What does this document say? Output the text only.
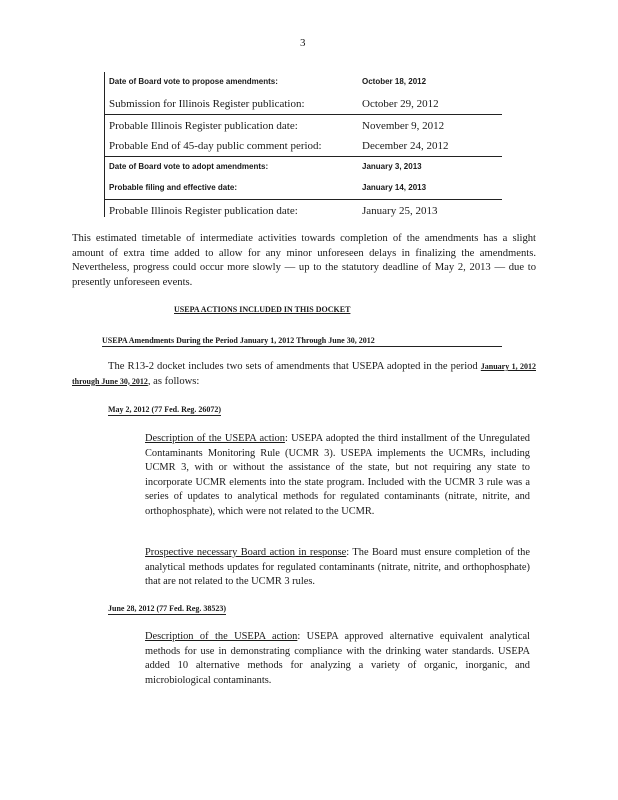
3
Date of Board vote to propose amendments:	October 18, 2012
Submission for Illinois Register publication:	October 29, 2012
Probable Illinois Register publication date:	November 9, 2012
Probable End of 45-day public comment period:	December 24, 2012
Date of Board vote to adopt amendments:	January 3, 2013
Probable filing and effective date:	January 14, 2013
Probable Illinois Register publication date:	January 25, 2013

This estimated timetable of intermediate activities towards completion of the amendments has a slight amount of extra time added to allow for any minor unforeseen delays in finalizing the amendments. Nevertheless, progress could occur more slowly — up to the statutory deadline of May 2, 2013 — due to presently unforeseen events.

USEPA ACTIONS INCLUDED IN THIS DOCKET
USEPA Amendments During the Period January 1, 2012 Through June 30, 2012

The R13-2 docket includes two sets of amendments that USEPA adopted in the period January 1, 2012 through June 30, 2012, as follows:

May 2, 2012 (77 Fed. Reg. 26072)

Description of the USEPA action: USEPA adopted the third installment of the Unregulated Contaminants Monitoring Rule (UCMR 3). USEPA implements the UCMRs, including UCMR 3, with or without the assistance of the state, but not requiring any state to incorporate UCMR elements into the state program. Included with the UCMR 3 rule was a series of updates to analytical methods for regulated contaminants (nitrate, nitrite, and orthophosphate), which were not related to the UCMR.

Prospective necessary Board action in response: The Board must ensure completion of the analytical methods updates for regulated contaminants (nitrate, nitrite, and orthophosphate) that are not related to the UCMR 3 rules.

June 28, 2012 (77 Fed. Reg. 38523)

Description of the USEPA action: USEPA approved alternative equivalent analytical methods for use in demonstrating compliance with the drinking water standards. USEPA added 10 alternative methods for analyzing a variety of organic, inorganic, and microbiological contaminants.
